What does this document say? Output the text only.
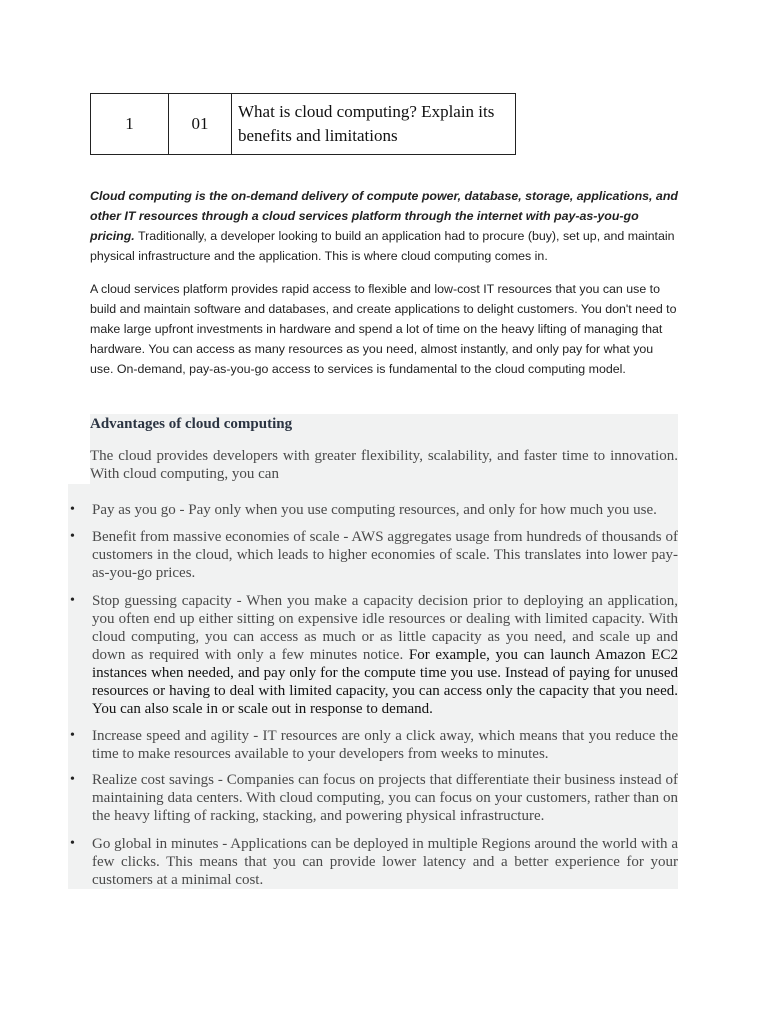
1	01	What is cloud computing? Explain its benefits and limitations
Cloud computing is the on-demand delivery of compute power, database, storage, applications, and other IT resources through a cloud services platform through the internet with pay-as-you-go pricing. Traditionally, a developer looking to build an application had to procure (buy), set up, and maintain physical infrastructure and the application. This is where cloud computing comes in.
A cloud services platform provides rapid access to flexible and low-cost IT resources that you can use to build and maintain software and databases, and create applications to delight customers. You don't need to make large upfront investments in hardware and spend a lot of time on the heavy lifting of managing that hardware. You can access as many resources as you need, almost instantly, and only pay for what you use. On-demand, pay-as-you-go access to services is fundamental to the cloud computing model.
Advantages of cloud computing
The cloud provides developers with greater flexibility, scalability, and faster time to innovation. With cloud computing, you can
• Pay as you go - Pay only when you use computing resources, and only for how much you use.
• Benefit from massive economies of scale - AWS aggregates usage from hundreds of thousands of customers in the cloud, which leads to higher economies of scale. This translates into lower pay-as-you-go prices.
• Stop guessing capacity - When you make a capacity decision prior to deploying an application, you often end up either sitting on expensive idle resources or dealing with limited capacity. With cloud computing, you can access as much or as little capacity as you need, and scale up and down as required with only a few minutes notice. For example, you can launch Amazon EC2 instances when needed, and pay only for the compute time you use. Instead of paying for unused resources or having to deal with limited capacity, you can access only the capacity that you need. You can also scale in or scale out in response to demand.
• Increase speed and agility - IT resources are only a click away, which means that you reduce the time to make resources available to your developers from weeks to minutes.
• Realize cost savings - Companies can focus on projects that differentiate their business instead of maintaining data centers. With cloud computing, you can focus on your customers, rather than on the heavy lifting of racking, stacking, and powering physical infrastructure.
• Go global in minutes - Applications can be deployed in multiple Regions around the world with a few clicks. This means that you can provide lower latency and a better experience for your customers at a minimal cost.
